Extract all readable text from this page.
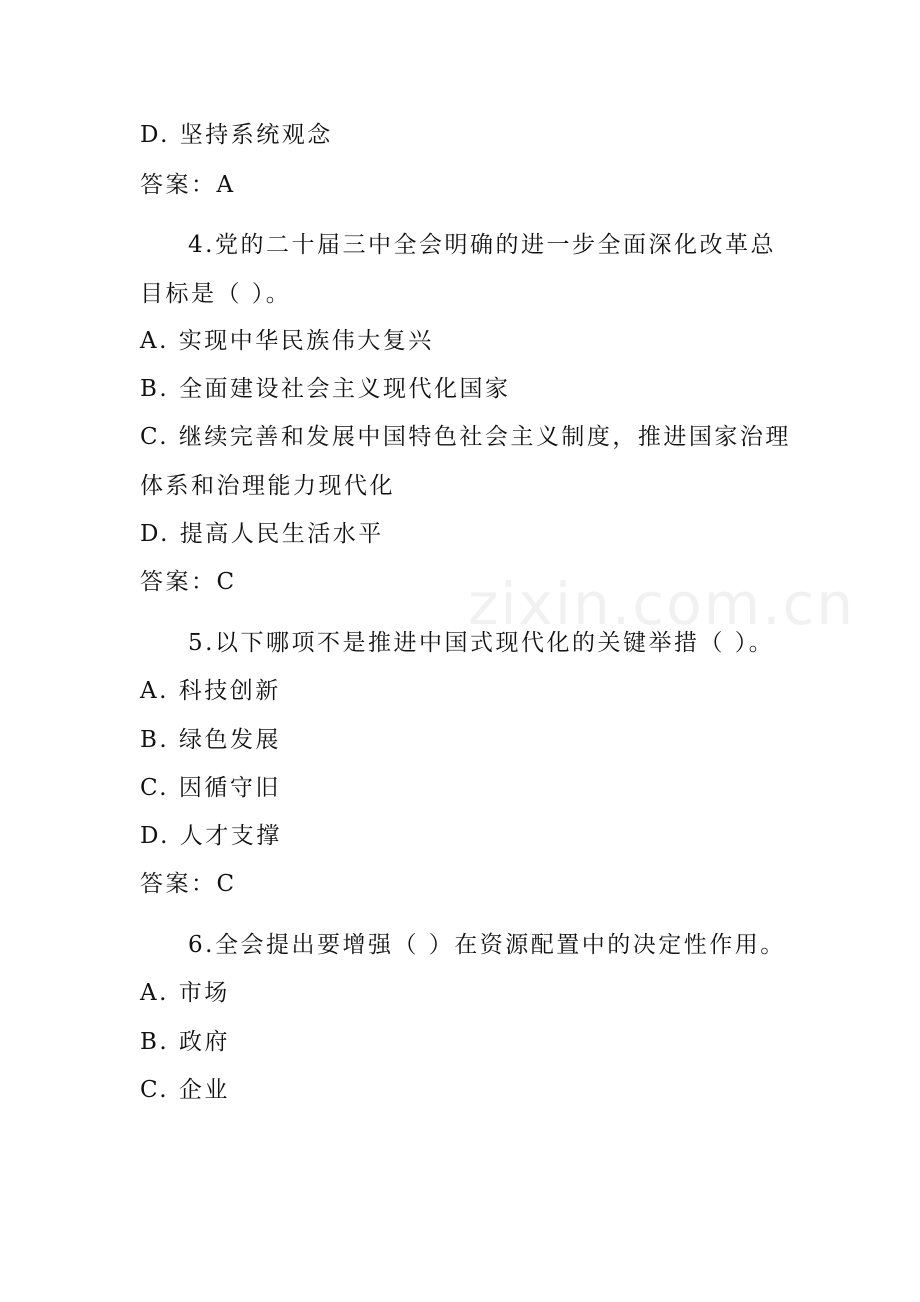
D. 坚持系统观念
答案：A
4.党的二十届三中全会明确的进一步全面深化改革总
目标是（ ）。
A. 实现中华民族伟大复兴
B. 全面建设社会主义现代化国家
C. 继续完善和发展中国特色社会主义制度，推进国家治理
体系和治理能力现代化
D. 提高人民生活水平
答案：C
5.以下哪项不是推进中国式现代化的关键举措（ ）。
A. 科技创新
B. 绿色发展
C. 因循守旧
D. 人才支撑
答案：C
6.全会提出要增强（ ）在资源配置中的决定性作用。
A. 市场
B. 政府
C. 企业
zixin.com.cn
